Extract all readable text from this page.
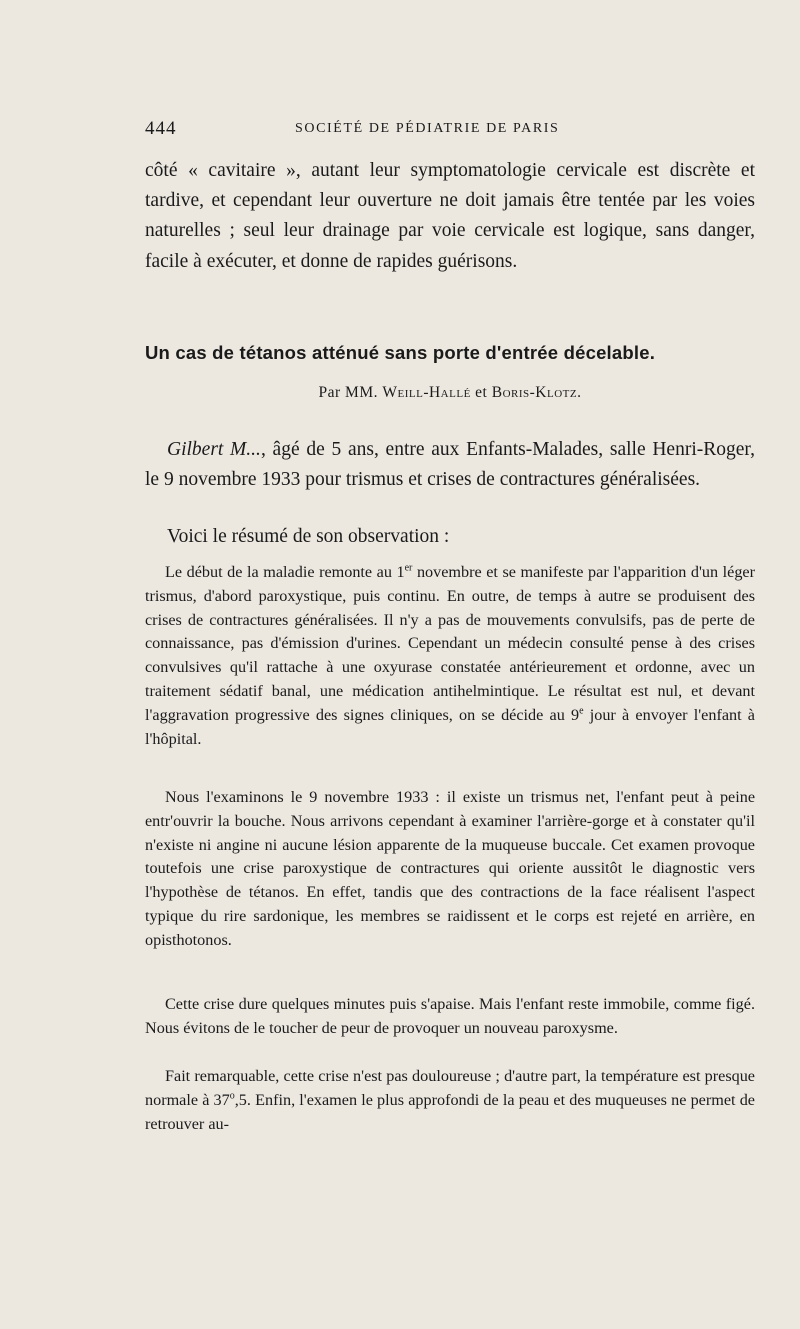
444	SOCIÉTÉ DE PÉDIATRIE DE PARIS

côté « cavitaire », autant leur symptomatologie cervicale est discrète et tardive, et cependant leur ouverture ne doit jamais être tentée par les voies naturelles ; seul leur drainage par voie cervicale est logique, sans danger, facile à exécuter, et donne de rapides guérisons.

Un cas de tétanos atténué sans porte d'entrée décelable.
Par MM. Weill-Hallé et Boris-Klotz.

Gilbert M..., âgé de 5 ans, entre aux Enfants-Malades, salle Henri-Roger, le 9 novembre 1933 pour trismus et crises de contractures généralisées.

Voici le résumé de son observation :

Le début de la maladie remonte au 1er novembre et se manifeste par l'apparition d'un léger trismus, d'abord paroxystique, puis continu. En outre, de temps à autre se produisent des crises de contractures généralisées. Il n'y a pas de mouvements convulsifs, pas de perte de connaissance, pas d'émission d'urines. Cependant un médecin consulté pense à des crises convulsives qu'il rattache à une oxyurase constatée antérieurement et ordonne, avec un traitement sédatif banal, une médication antihelmintique. Le résultat est nul, et devant l'aggravation progressive des signes cliniques, on se décide au 9e jour à envoyer l'enfant à l'hôpital.

Nous l'examinons le 9 novembre 1933 : il existe un trismus net, l'enfant peut à peine entr'ouvrir la bouche. Nous arrivons cependant à examiner l'arrière-gorge et à constater qu'il n'existe ni angine ni aucune lésion apparente de la muqueuse buccale. Cet examen provoque toutefois une crise paroxystique de contractures qui oriente aussitôt le diagnostic vers l'hypothèse de tétanos. En effet, tandis que des contractions de la face réalisent l'aspect typique du rire sardonique, les membres se raidissent et le corps est rejeté en arrière, en opisthotonos.

Cette crise dure quelques minutes puis s'apaise. Mais l'enfant reste immobile, comme figé. Nous évitons de le toucher de peur de provoquer un nouveau paroxysme.

Fait remarquable, cette crise n'est pas douloureuse ; d'autre part, la température est presque normale à 37$^o$,5. Enfin, l'examen le plus approfondi de la peau et des muqueuses ne permet de retrouver au-
